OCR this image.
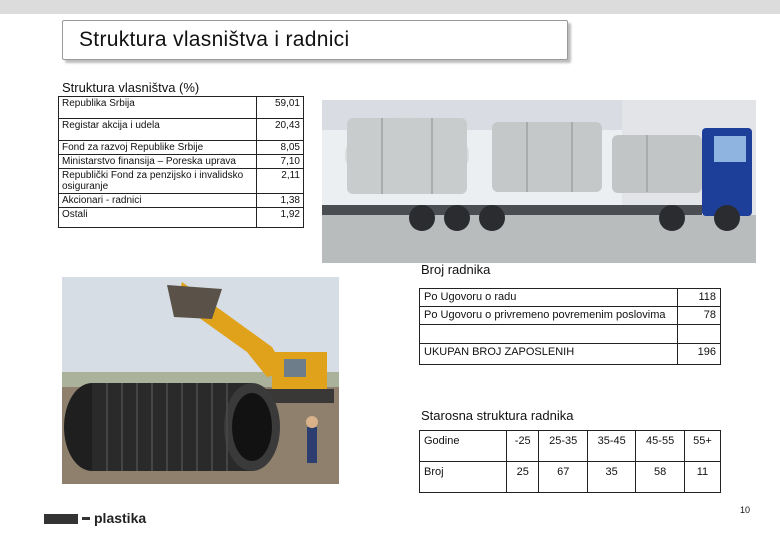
Struktura vlasništva i radnici
Struktura vlasništva (%)
Republika Srbija	59,01
Registar akcija i udela	20,43
Fond za razvoj Republike Srbije	8,05
Ministarstvo finansija – Poreska uprava	7,10
Republički Fond za penzijsko i invalidsko osiguranje	2,11
Akcionari - radnici	1,38
Ostali	1,92
Broj radnika
Po Ugovoru o radu	118
Po Ugovoru o privremeno povremenim poslovima	78

UKUPAN BROJ ZAPOSLENIH	196
Starosna struktura radnika
Godine	-25	25-35	35-45	45-55	55+
Broj	25	67	35	58	11
plastika	10
